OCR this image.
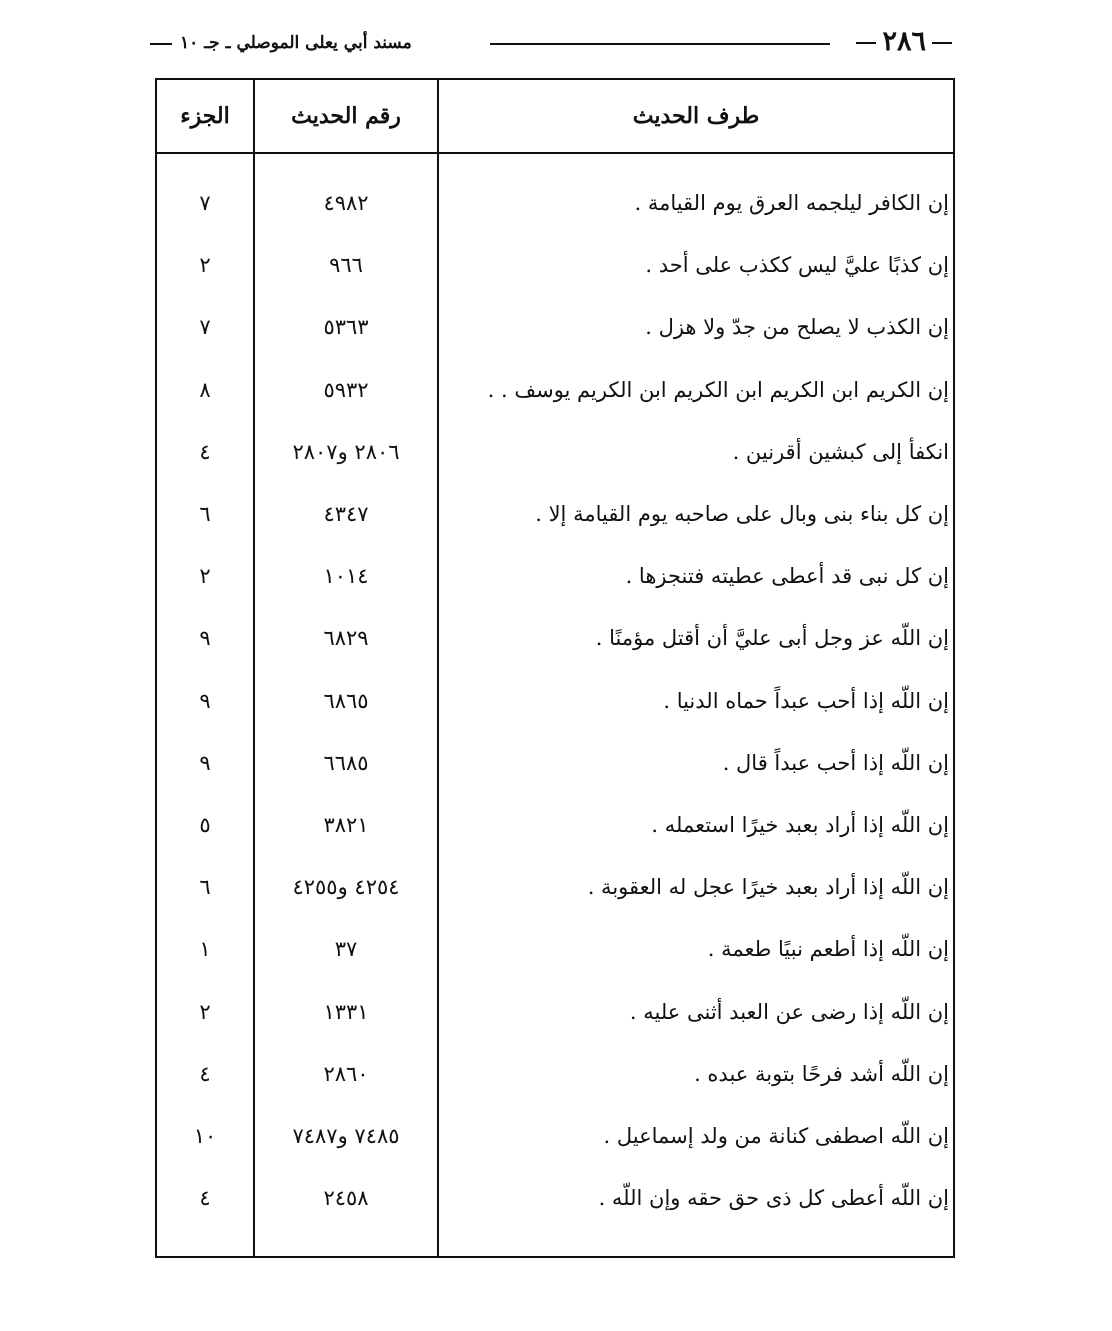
٢٨٦
مسند أبي يعلى الموصلي ـ جـ ١٠
طرف الحديث
رقم الحديث
الجزء
إن الكافر ليلجمه العرق يوم القيامة .
٤٩٨٢
٧
إن كذبًا عليَّ ليس ككذب على أحد .
٩٦٦
٢
إن الكذب لا يصلح من جدّ ولا هزل .
٥٣٦٣
٧
إن الكريم ابن الكريم ابن الكريم ابن الكريم يوسف . .
٥٩٣٢
٨
انكفأ إلى كبشين أقرنين .
٢٨٠٦ و٢٨٠٧
٤
إن كل بناء بنى وبال على صاحبه يوم القيامة إلا .
٤٣٤٧
٦
إن كل نبى قد أعطى عطيته فتنجزها .
١٠١٤
٢
إن اللّه عز وجل أبى عليَّ أن أقتل مؤمنًا .
٦٨٢٩
٩
إن اللّه إذا أحب عبداً حماه الدنيا .
٦٨٦٥
٩
إن اللّه إذا أحب عبداً قال .
٦٦٨٥
٩
إن اللّه إذا أراد بعبد خيرًا استعمله .
٣٨٢١
٥
إن اللّه إذا أراد بعبد خيرًا عجل له العقوبة .
٤٢٥٤ و٤٢٥٥
٦
إن اللّه إذا أطعم نبيًا طعمة .
٣٧
١
إن اللّه إذا رضى عن العبد أثنى عليه .
١٣٣١
٢
إن اللّه أشد فرحًا بتوبة عبده .
٢٨٦٠
٤
إن اللّه اصطفى كنانة من ولد إسماعيل .
٧٤٨٥ و٧٤٨٧
١٠
إن اللّه أعطى كل ذى حق حقه وإن اللّه .
٢٤٥٨
٤
